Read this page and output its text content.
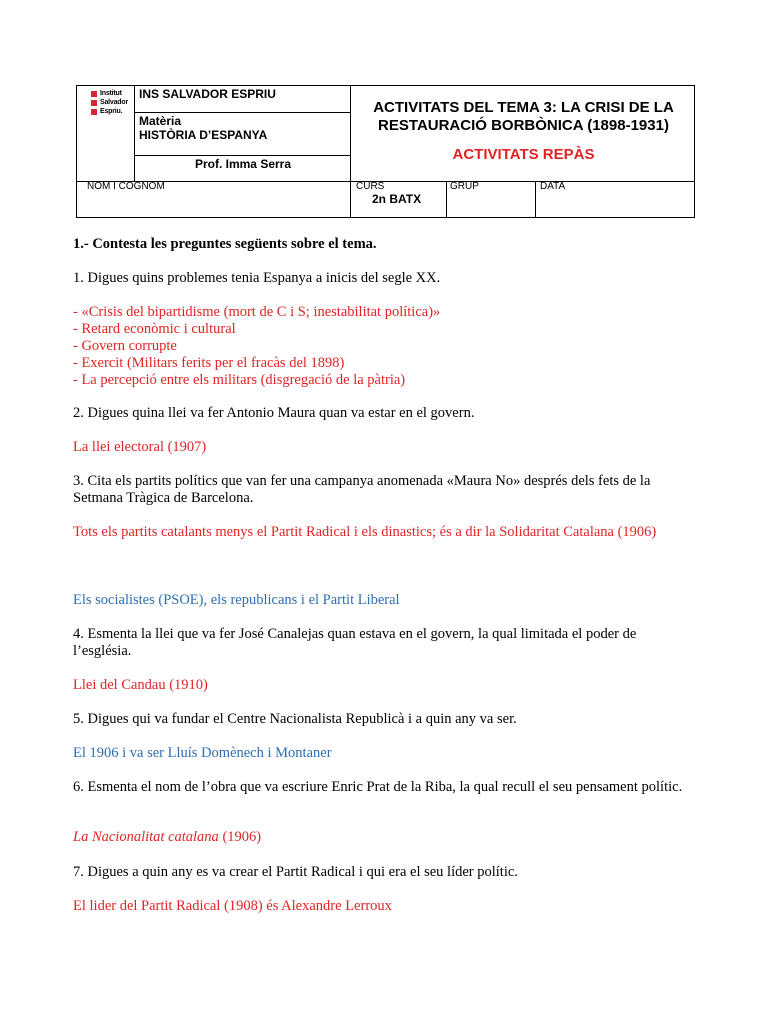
Institut
Salvador
Espriu.
INS SALVADOR ESPRIU
Matèria
HISTÒRIA D’ESPANYA
Prof. Imma Serra
ACTIVITATS DEL TEMA 3: LA CRISI DE LA RESTAURACIÓ BORBÒNICA (1898-1931)
ACTIVITATS REPÀS
NOM I COGNOM	CURS
2n BATX
GRUP	DATA
1.- Contesta les preguntes següents sobre el tema.
1. Digues quins problemes tenia Espanya a inicis del segle XX.
- «Crisis del bipartidisme (mort de C i S; inestabilitat política)»
- Retard econòmic i cultural
- Govern corrupte
- Exercit (Militars ferits per el fracàs del 1898)
- La percepció entre els militars (disgregació de la pàtria)
2. Digues quina llei va fer Antonio Maura quan va estar en el govern.
La llei electoral (1907)
3. Cita els partits polítics que van fer una campanya anomenada «Maura No» després dels fets de la Setmana Tràgica de Barcelona.
Tots els partits catalants menys el Partit Radical i els dinastics; és a dir la Solidaritat Catalana (1906)
Els socialistes (PSOE), els republicans i el Partit Liberal
4. Esmenta la llei que va fer José Canalejas quan estava en el govern, la qual limitada el poder de l’església.
Llei del Candau (1910)
5. Digues qui va fundar el Centre Nacionalista Republicà i a quin any va ser.
El 1906 i va ser Lluís Domènech i Montaner
6. Esmenta el nom de l’obra que va escriure Enric Prat de la Riba, la qual recull el seu pensament polític.
La Nacionalitat catalana (1906)
7. Digues a quin any es va crear el Partit Radical i qui era el seu líder polític.
El lider del Partit Radical (1908) és Alexandre Lerroux
